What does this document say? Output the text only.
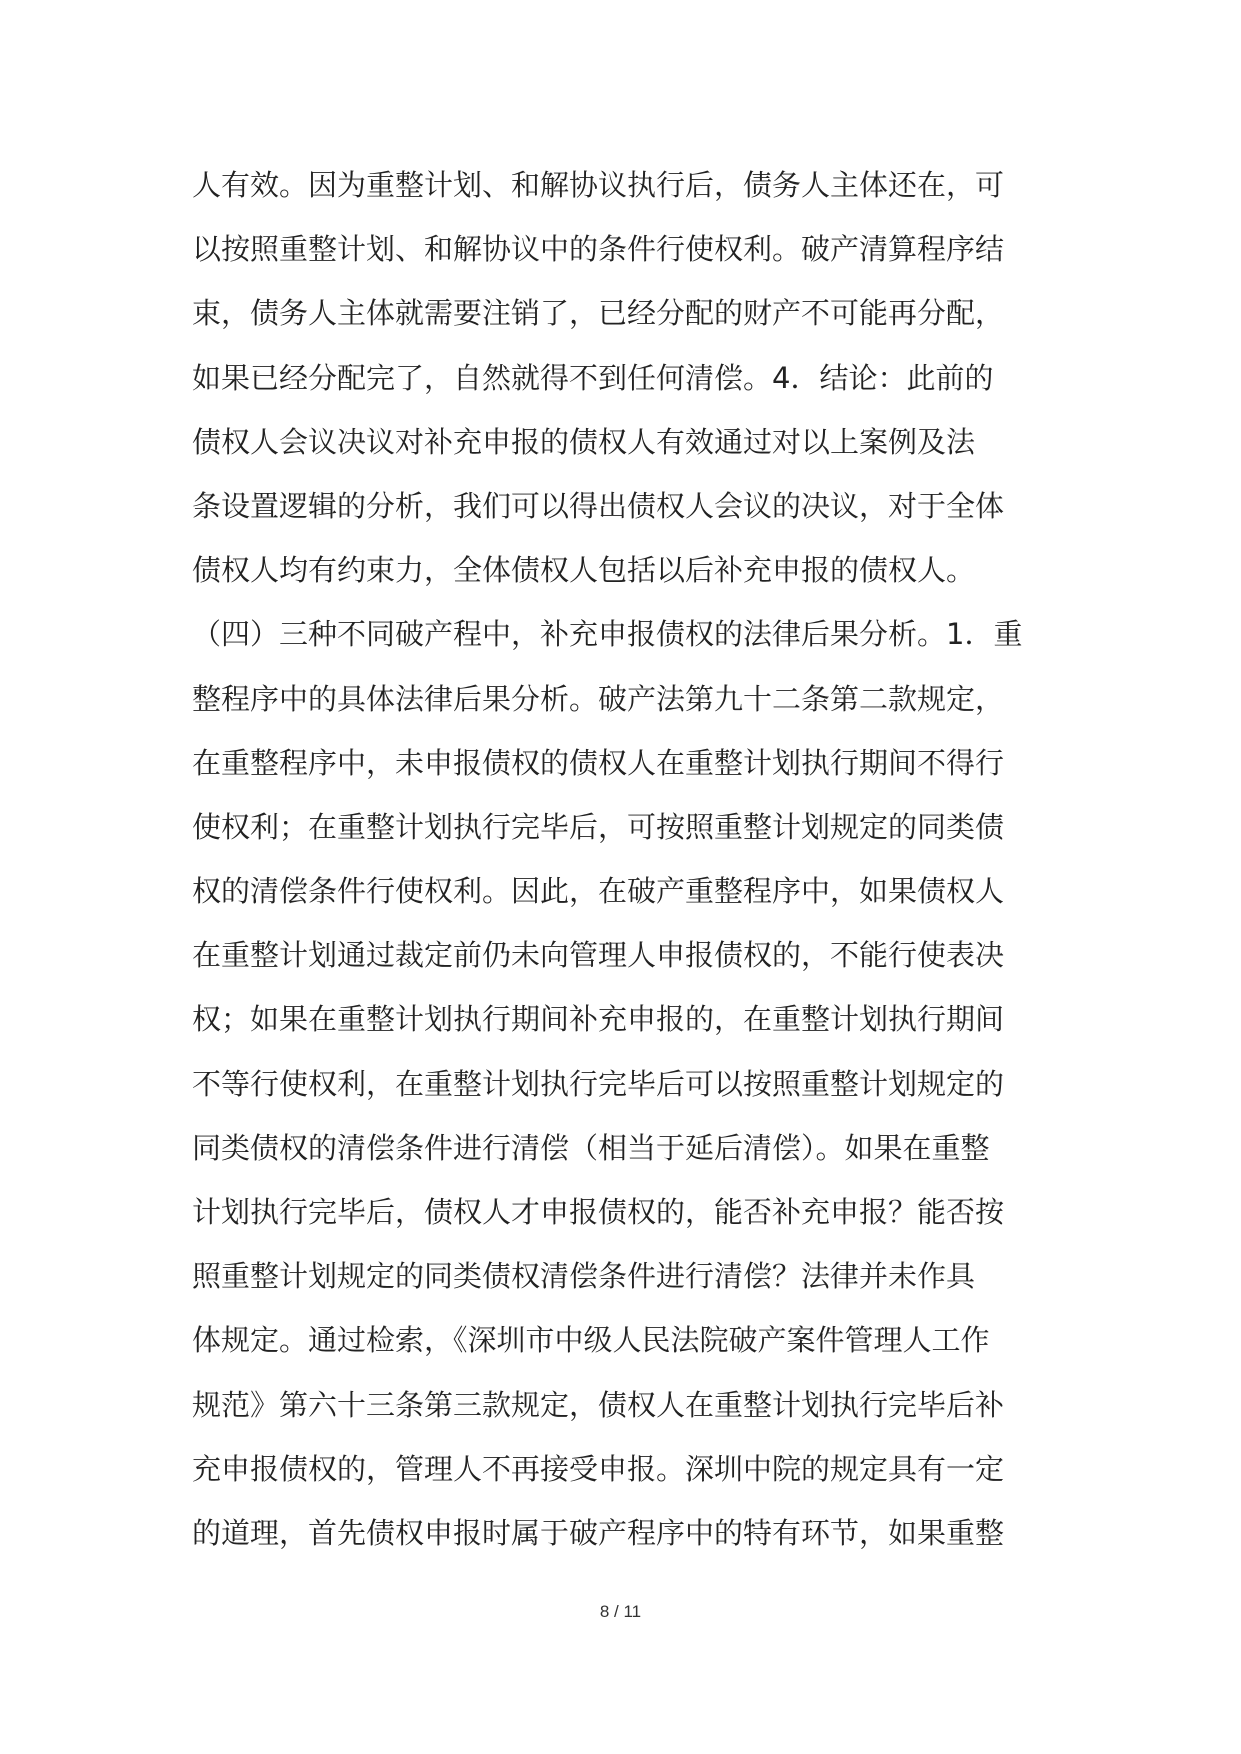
人有效。因为重整计划、和解协议执行后，债务人主体还在，可

以按照重整计划、和解协议中的条件行使权利。破产清算程序结

束，债务人主体就需要注销了，已经分配的财产不可能再分配，

如果已经分配完了，自然就得不到任何清偿。4．结论：此前的

债权人会议决议对补充申报的债权人有效通过对以上案例及法

条设置逻辑的分析，我们可以得出债权人会议的决议，对于全体

债权人均有约束力，全体债权人包括以后补充申报的债权人。

（四）三种不同破产程中，补充申报债权的法律后果分析。1．重

整程序中的具体法律后果分析。破产法第九十二条第二款规定，

在重整程序中，未申报债权的债权人在重整计划执行期间不得行

使权利；在重整计划执行完毕后，可按照重整计划规定的同类债

权的清偿条件行使权利。因此，在破产重整程序中，如果债权人

在重整计划通过裁定前仍未向管理人申报债权的，不能行使表决

权；如果在重整计划执行期间补充申报的，在重整计划执行期间

不等行使权利，在重整计划执行完毕后可以按照重整计划规定的

同类债权的清偿条件进行清偿（相当于延后清偿）。如果在重整

计划执行完毕后，债权人才申报债权的，能否补充申报？能否按

照重整计划规定的同类债权清偿条件进行清偿？法律并未作具

体规定。通过检索，《深圳市中级人民法院破产案件管理人工作

规范》第六十三条第三款规定，债权人在重整计划执行完毕后补

充申报债权的，管理人不再接受申报。深圳中院的规定具有一定

的道理，首先债权申报时属于破产程序中的特有环节，如果重整

8 / 11
